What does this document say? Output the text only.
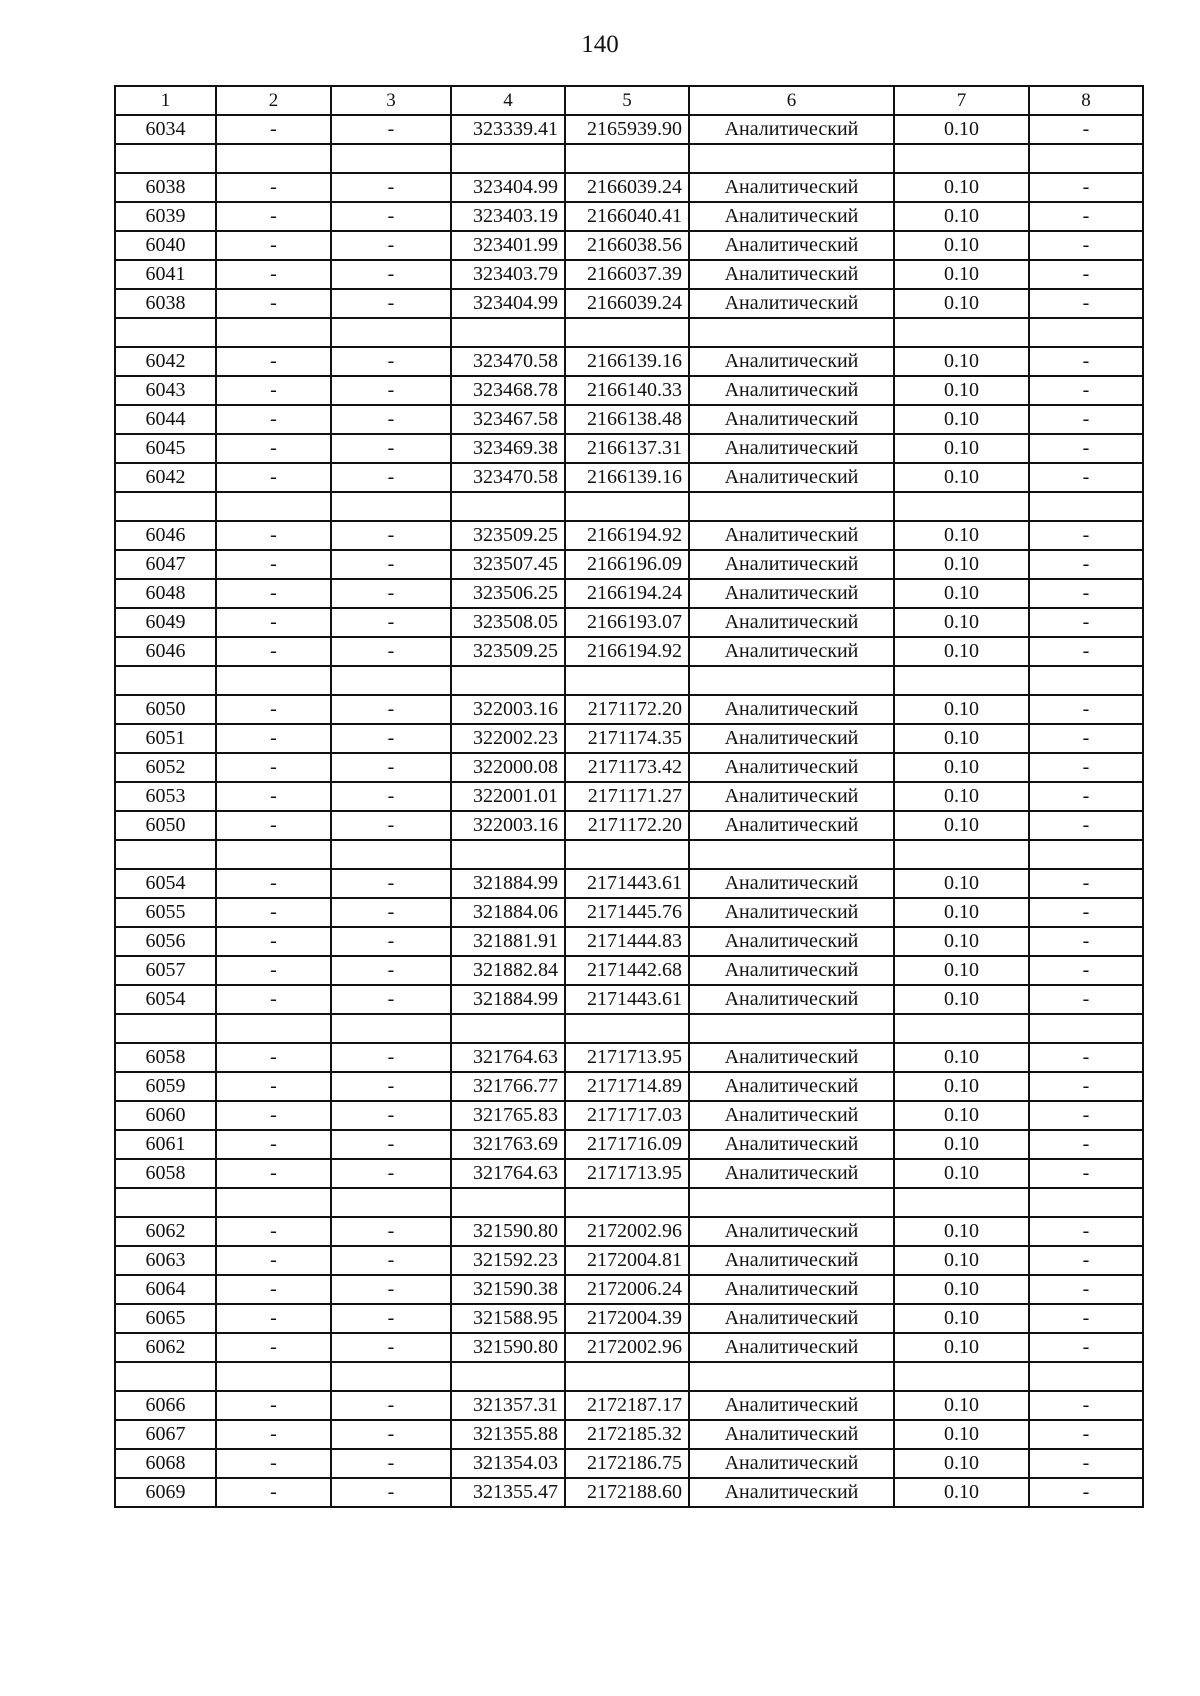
140
1	2	3	4	5	6	7	8
6034	-	-	323339.41	2165939.90	Аналитический	0.10	-

6038	-	-	323404.99	2166039.24	Аналитический	0.10	-
6039	-	-	323403.19	2166040.41	Аналитический	0.10	-
6040	-	-	323401.99	2166038.56	Аналитический	0.10	-
6041	-	-	323403.79	2166037.39	Аналитический	0.10	-
6038	-	-	323404.99	2166039.24	Аналитический	0.10	-

6042	-	-	323470.58	2166139.16	Аналитический	0.10	-
6043	-	-	323468.78	2166140.33	Аналитический	0.10	-
6044	-	-	323467.58	2166138.48	Аналитический	0.10	-
6045	-	-	323469.38	2166137.31	Аналитический	0.10	-
6042	-	-	323470.58	2166139.16	Аналитический	0.10	-

6046	-	-	323509.25	2166194.92	Аналитический	0.10	-
6047	-	-	323507.45	2166196.09	Аналитический	0.10	-
6048	-	-	323506.25	2166194.24	Аналитический	0.10	-
6049	-	-	323508.05	2166193.07	Аналитический	0.10	-
6046	-	-	323509.25	2166194.92	Аналитический	0.10	-

6050	-	-	322003.16	2171172.20	Аналитический	0.10	-
6051	-	-	322002.23	2171174.35	Аналитический	0.10	-
6052	-	-	322000.08	2171173.42	Аналитический	0.10	-
6053	-	-	322001.01	2171171.27	Аналитический	0.10	-
6050	-	-	322003.16	2171172.20	Аналитический	0.10	-

6054	-	-	321884.99	2171443.61	Аналитический	0.10	-
6055	-	-	321884.06	2171445.76	Аналитический	0.10	-
6056	-	-	321881.91	2171444.83	Аналитический	0.10	-
6057	-	-	321882.84	2171442.68	Аналитический	0.10	-
6054	-	-	321884.99	2171443.61	Аналитический	0.10	-

6058	-	-	321764.63	2171713.95	Аналитический	0.10	-
6059	-	-	321766.77	2171714.89	Аналитический	0.10	-
6060	-	-	321765.83	2171717.03	Аналитический	0.10	-
6061	-	-	321763.69	2171716.09	Аналитический	0.10	-
6058	-	-	321764.63	2171713.95	Аналитический	0.10	-

6062	-	-	321590.80	2172002.96	Аналитический	0.10	-
6063	-	-	321592.23	2172004.81	Аналитический	0.10	-
6064	-	-	321590.38	2172006.24	Аналитический	0.10	-
6065	-	-	321588.95	2172004.39	Аналитический	0.10	-
6062	-	-	321590.80	2172002.96	Аналитический	0.10	-

6066	-	-	321357.31	2172187.17	Аналитический	0.10	-
6067	-	-	321355.88	2172185.32	Аналитический	0.10	-
6068	-	-	321354.03	2172186.75	Аналитический	0.10	-
6069	-	-	321355.47	2172188.60	Аналитический	0.10	-
